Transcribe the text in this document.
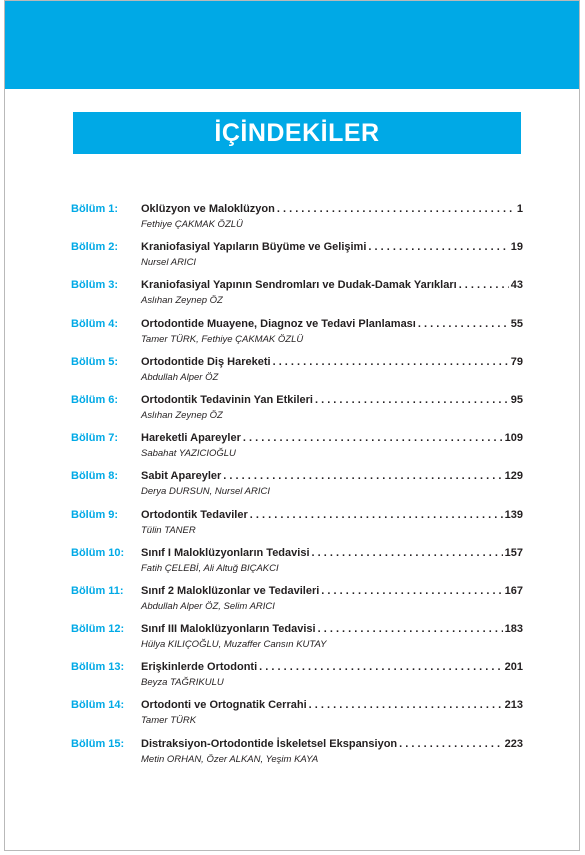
İÇİNDEKİLER
Bölüm 1:	Oklüzyon ve Maloklüzyon . . .	1
Fethiye ÇAKMAK ÖZLÜ
Bölüm 2:	Kraniofasiyal Yapıların Büyüme ve Gelişimi . . .	19
Nursel ARICI
Bölüm 3:	Kraniofasiyal Yapının Sendromları ve Dudak-Damak Yarıkları . . .	43
Aslıhan Zeynep ÖZ
Bölüm 4:	Ortodontide Muayene, Diagnoz ve Tedavi Planlaması . . .	55
Tamer TÜRK, Fethiye ÇAKMAK ÖZLÜ
Bölüm 5:	Ortodontide Diş Hareketi . . .	79
Abdullah Alper ÖZ
Bölüm 6:	Ortodontik Tedavinin Yan Etkileri . . .	95
Aslıhan Zeynep ÖZ
Bölüm 7:	Hareketli Apareyler . . .	109
Sabahat YAZICIOĞLU
Bölüm 8:	Sabit Apareyler . . .	129
Derya DURSUN, Nursel ARICI
Bölüm 9:	Ortodontik Tedaviler . . .	139
Tülin TANER
Bölüm 10:	Sınıf I Maloklüzyonların Tedavisi . . .	157
Fatih ÇELEBİ, Ali Altuğ BIÇAKCI
Bölüm 11:	Sınıf 2 Maloklüzonlar ve Tedavileri . . .	167
Abdullah Alper ÖZ, Selim ARICI
Bölüm 12:	Sınıf III Maloklüzyonların Tedavisi . . .	183
Hülya KILIÇOĞLU, Muzaffer Cansın KUTAY
Bölüm 13:	Erişkinlerde Ortodonti . . .	201
Beyza TAĞRIKULU
Bölüm 14:	Ortodonti ve Ortognatik Cerrahi . . .	213
Tamer TÜRK
Bölüm 15:	Distraksiyon-Ortodontide İskeletsel Ekspansiyon . . .	223
Metin ORHAN, Özer ALKAN, Yeşim KAYA
